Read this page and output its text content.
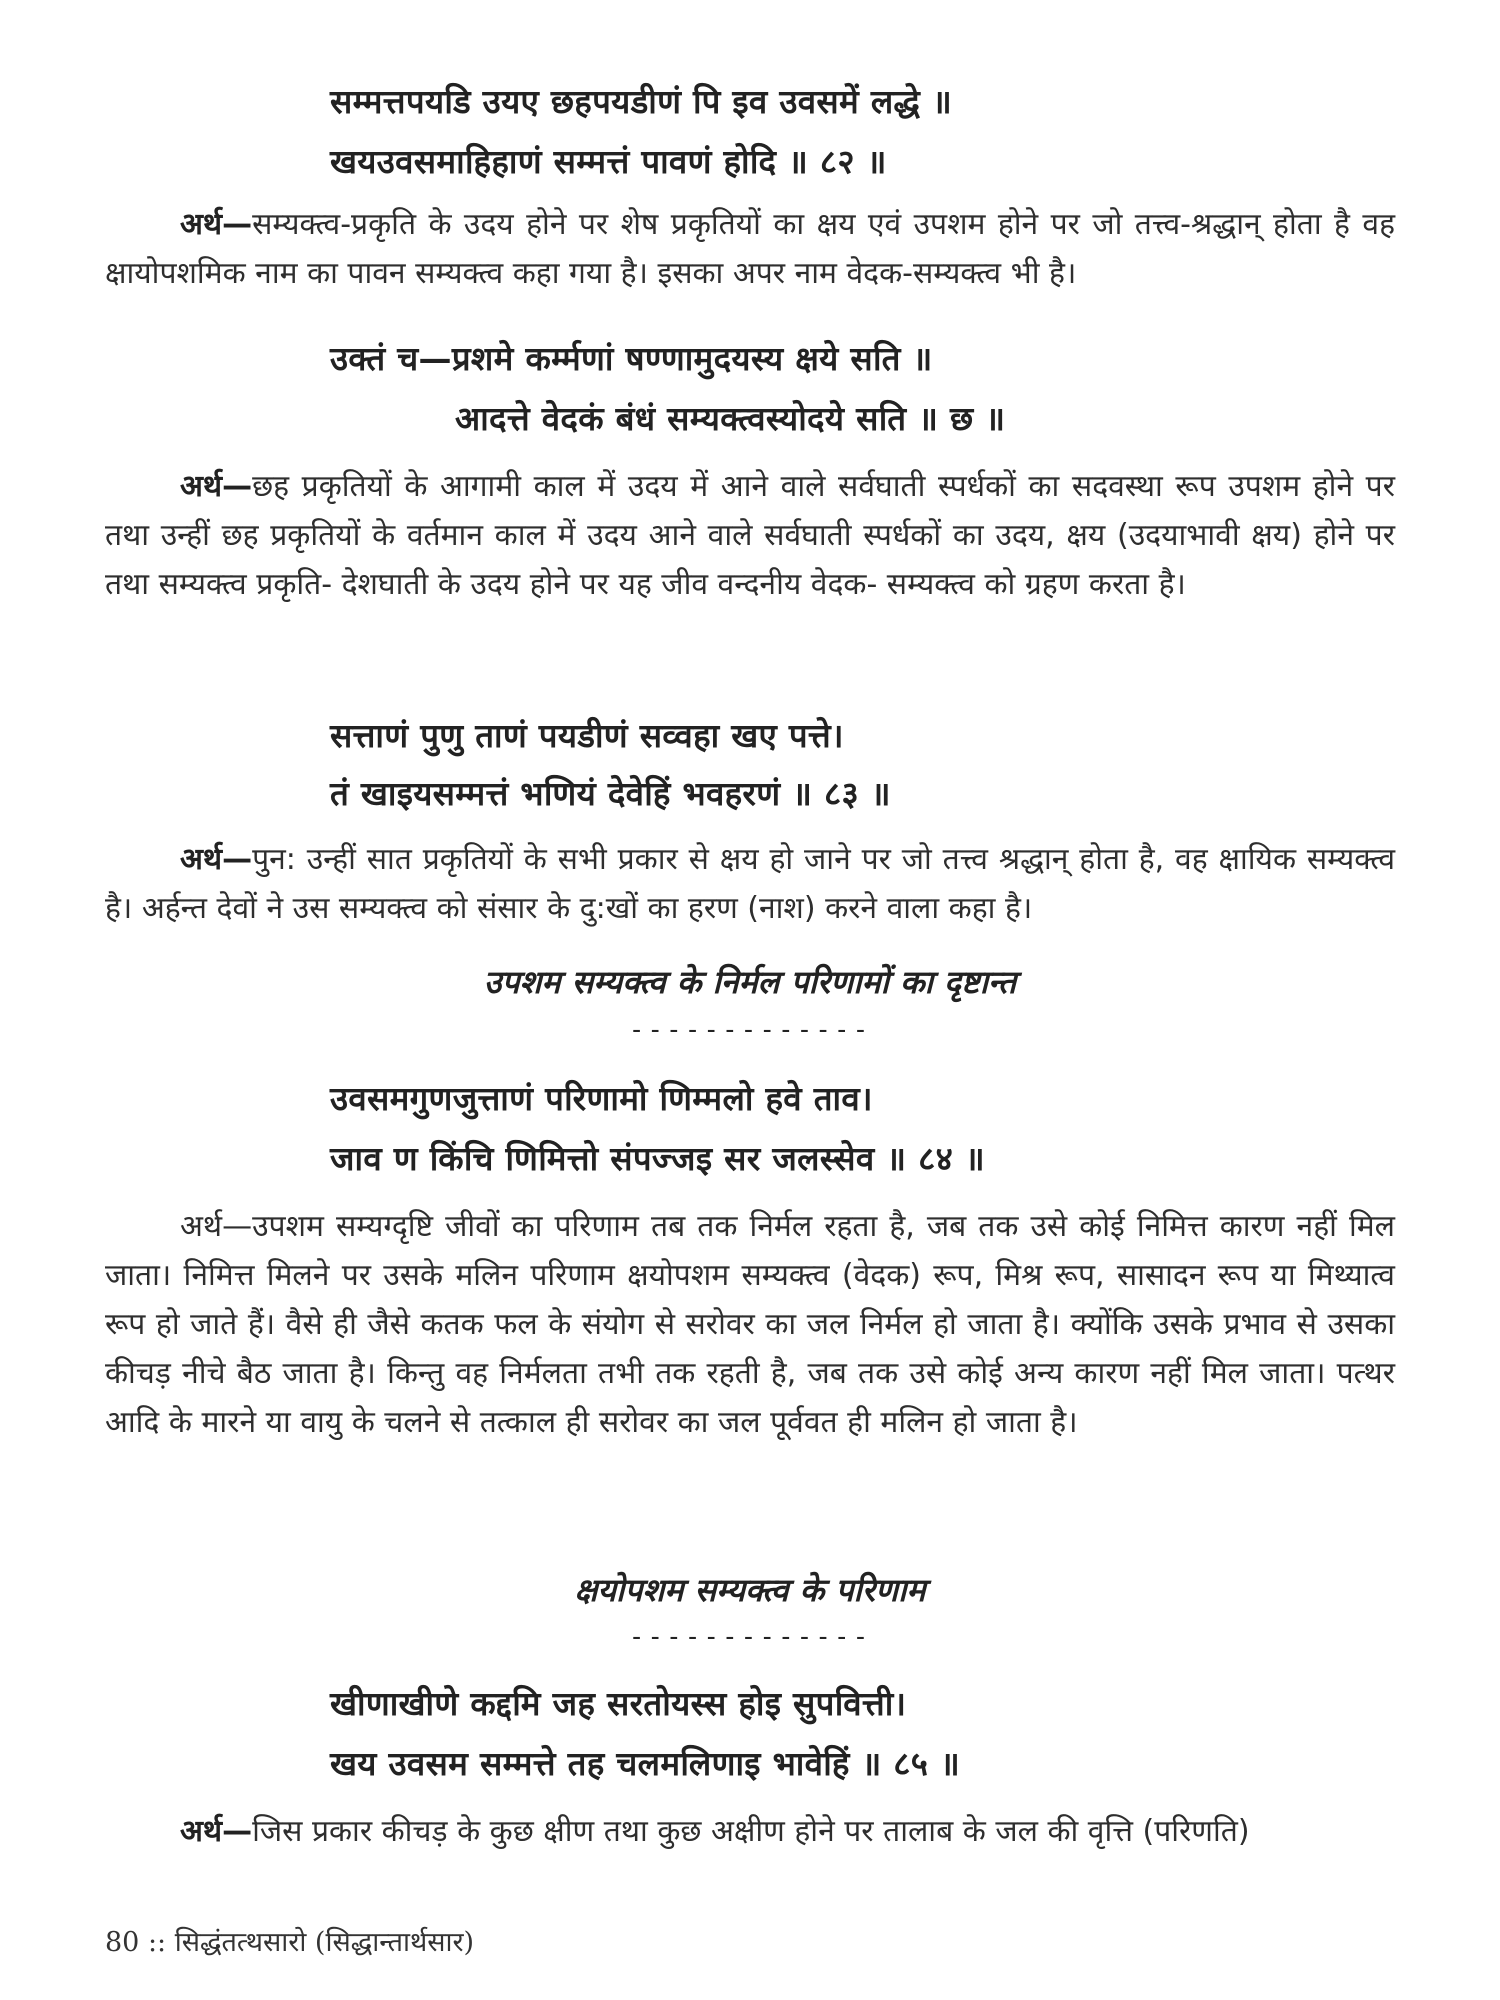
सम्मत्तपयडि उयए छहपयडीणं पि इव उवसमें लद्धे ॥
खयउवसमाहिहाणं सम्मत्तं पावणं होदि ॥ ८२ ॥

अर्थ—सम्यक्त्व-प्रकृति के उदय होने पर शेष प्रकृतियों का क्षय एवं उपशम होने पर जो तत्त्व-श्रद्धान् होता है वह क्षायोपशमिक नाम का पावन सम्यक्त्व कहा गया है। इसका अपर नाम वेदक-सम्यक्त्व भी है।

उक्तं च—प्रशमे कर्म्मणां षण्णामुदयस्य क्षये सति ॥
आदत्ते वेदकं बंधं सम्यक्त्वस्योदये सति ॥ छ ॥

अर्थ—छह प्रकृतियों के आगामी काल में उदय में आने वाले सर्वघाती स्पर्धकों का सदवस्था रूप उपशम होने पर तथा उन्हीं छह प्रकृतियों के वर्तमान काल में उदय आने वाले सर्वघाती स्पर्धकों का उदय, क्षय (उदयाभावी क्षय) होने पर तथा सम्यक्त्व प्रकृति- देशघाती के उदय होने पर यह जीव वन्दनीय वेदक- सम्यक्त्व को ग्रहण करता है।

सत्ताणं पुणु ताणं पयडीणं सव्वहा खए पत्ते।
तं खाइयसम्मत्तं भणियं देवेहिं भवहरणं ॥ ८३ ॥

अर्थ—पुन: उन्हीं सात प्रकृतियों के सभी प्रकार से क्षय हो जाने पर जो तत्त्व श्रद्धान् होता है, वह क्षायिक सम्यक्त्व है। अर्हन्त देवों ने उस सम्यक्त्व को संसार के दु:खों का हरण (नाश) करने वाला कहा है।

उपशम सम्यक्त्व के निर्मल परिणामों का दृष्टान्त
-------------
उवसमगुणजुत्ताणं परिणामो णिम्मलो हवे ताव।
जाव ण किंचि णिमित्तो संपज्जइ सर जलस्सेव ॥ ८४ ॥

अर्थ—उपशम सम्यग्दृष्टि जीवों का परिणाम तब तक निर्मल रहता है, जब तक उसे कोई निमित्त कारण नहीं मिल जाता। निमित्त मिलने पर उसके मलिन परिणाम क्षयोपशम सम्यक्त्व (वेदक) रूप, मिश्र रूप, सासादन रूप या मिथ्यात्व रूप हो जाते हैं। वैसे ही जैसे कतक फल के संयोग से सरोवर का जल निर्मल हो जाता है। क्योंकि उसके प्रभाव से उसका कीचड़ नीचे बैठ जाता है। किन्तु वह निर्मलता तभी तक रहती है, जब तक उसे कोई अन्य कारण नहीं मिल जाता। पत्थर आदि के मारने या वायु के चलने से तत्काल ही सरोवर का जल पूर्ववत ही मलिन हो जाता है।

क्षयोपशम सम्यक्त्व के परिणाम
-------------
खीणाखीणे कद्दमि जह सरतोयस्स होइ सुपवित्ती।
खय उवसम सम्मत्ते तह चलमलिणाइ भावेहिं ॥ ८५ ॥

अर्थ—जिस प्रकार कीचड़ के कुछ क्षीण तथा कुछ अक्षीण होने पर तालाब के जल की वृत्ति (परिणति)

80 :: सिद्धंतत्थसारो (सिद्धान्तार्थसार)
